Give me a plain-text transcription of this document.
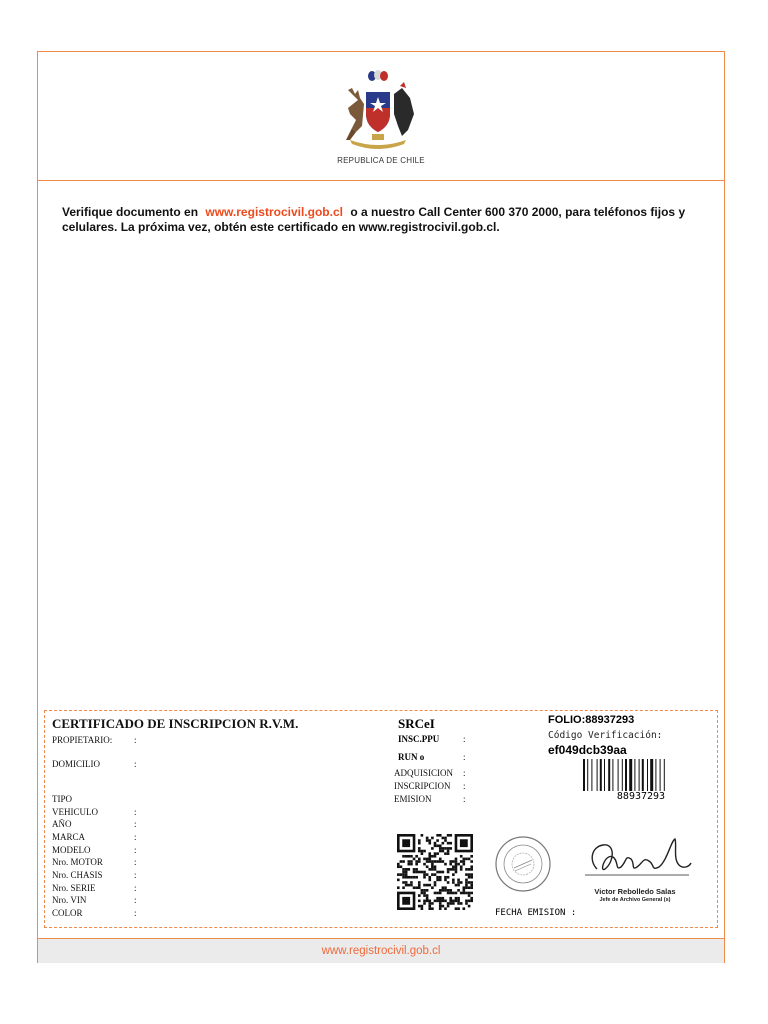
REPUBLICA DE CHILE
Verifique documento en www.registrocivil.gob.cl o a nuestro Call Center 600 370 2000, para teléfonos fijos y celulares. La próxima vez, obtén este certificado en www.registrocivil.gob.cl.
CERTIFICADO DE INSCRIPCION R.V.M.
PROPIETARIO: :
DOMICILIO	:
TIPO
VEHICULO	:
AÑO	:
MARCA	:
MODELO	:
Nro. MOTOR	:
Nro. CHASIS	:
Nro. SERIE	:
Nro. VIN	:
COLOR	:
SRCeI
INSC.PPU	:
RUN o	:
ADQUISICION :
INSCRIPCION :
EMISION	:
FOLIO:88937293
Código Verificación:
ef049dcb39aa
88937293
Victor Rebolledo Salas
Jefe de Archivo General (s)
FECHA EMISION :
www.registrocivil.gob.cl
